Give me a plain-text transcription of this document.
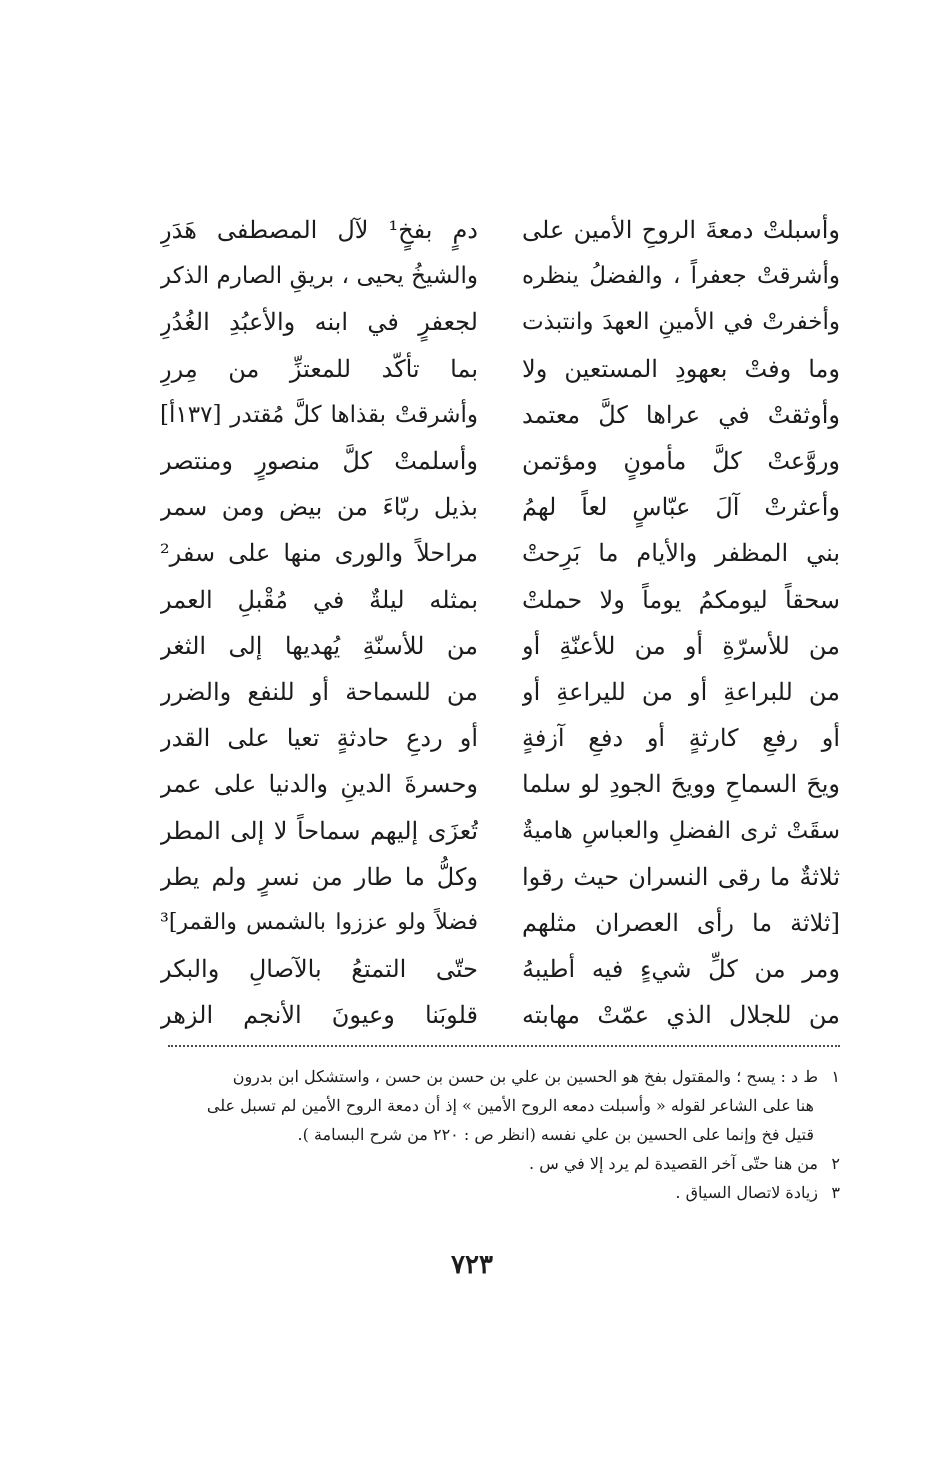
وأسبلتْ دمعةَ الروحِ الأمين على
دمٍ بفخٍ¹ لآل المصطفى هَدَرِ
وأشرقتْ جعفراً ، والفضلُ ينظره
والشيخُ يحيى ، بريقِ الصارم الذكر
وأخفرتْ في الأمينِ العهدَ وانتبذت
لجعفرٍ في ابنه والأعبُدِ الغُدُرِ
وما وفتْ بعهودِ المستعين ولا
بما تأكّد للمعتزِّ من مِررِ
وأوثقتْ في عراها كلَّ معتمد
وأشرقتْ بقذاها كلَّ مُقتدر [١٣٧أ]
وروَّعتْ كلَّ مأمونٍ ومؤتمن
وأسلمتْ كلَّ منصورٍ ومنتصر
وأعثرتْ آلَ عبّاسٍ لعاً لهمُ
بذيل ربّاءَ من بيض ومن سمر
بني المظفر والأيام ما بَرِحتْ
مراحلاً والورى منها على سفر²
سحقاً ليومكمُ يوماً ولا حملتْ
بمثله ليلةٌ في مُقْبلِ العمر
من للأسرّةِ أو من للأعنّةِ أو
من للأسنّةِ يُهديها إلى الثغر
من للبراعةِ أو من لليراعةِ أو
من للسماحة أو للنفع والضرر
أو رفعِ كارثةٍ أو دفعِ آزفةٍ
أو ردعِ حادثةٍ تعيا على القدر
ويحَ السماحِ وويحَ الجودِ لو سلما
وحسرةَ الدينِ والدنيا على عمر
سقَتْ ثرى الفضلِ والعباسِ هاميةٌ
تُعزَى إليهم سماحاً لا إلى المطر
ثلاثةٌ ما رقى النسران حيث رقوا
وكلُّ ما طار من نسرٍ ولم يطر
[ثلاثة ما رأى العصران مثلهم
فضلاً ولو عززوا بالشمس والقمر]³
ومر من كلِّ شيءٍ فيه أطيبهُ
حتّى التمتعُ بالآصالِ والبكر
من للجلال الذي عمّتْ مهابته
قلوبَنا وعيونَ الأنجم الزهر
١ط د : يسح ؛ والمقتول بفخ هو الحسين بن علي بن حسن بن حسن ، واستشكل ابن بدرون
هنا على الشاعر لقوله « وأسبلت دمعه الروح الأمين » إذ أن دمعة الروح الأمين لم تسبل على
قتيل فخ وإنما على الحسين بن علي نفسه (انظر ص : ٢٢٠ من شرح البسامة ).
٢من هنا حتّى آخر القصيدة لم يرد إلا في س .
٣زيادة لاتصال السياق .
٧٢٣
